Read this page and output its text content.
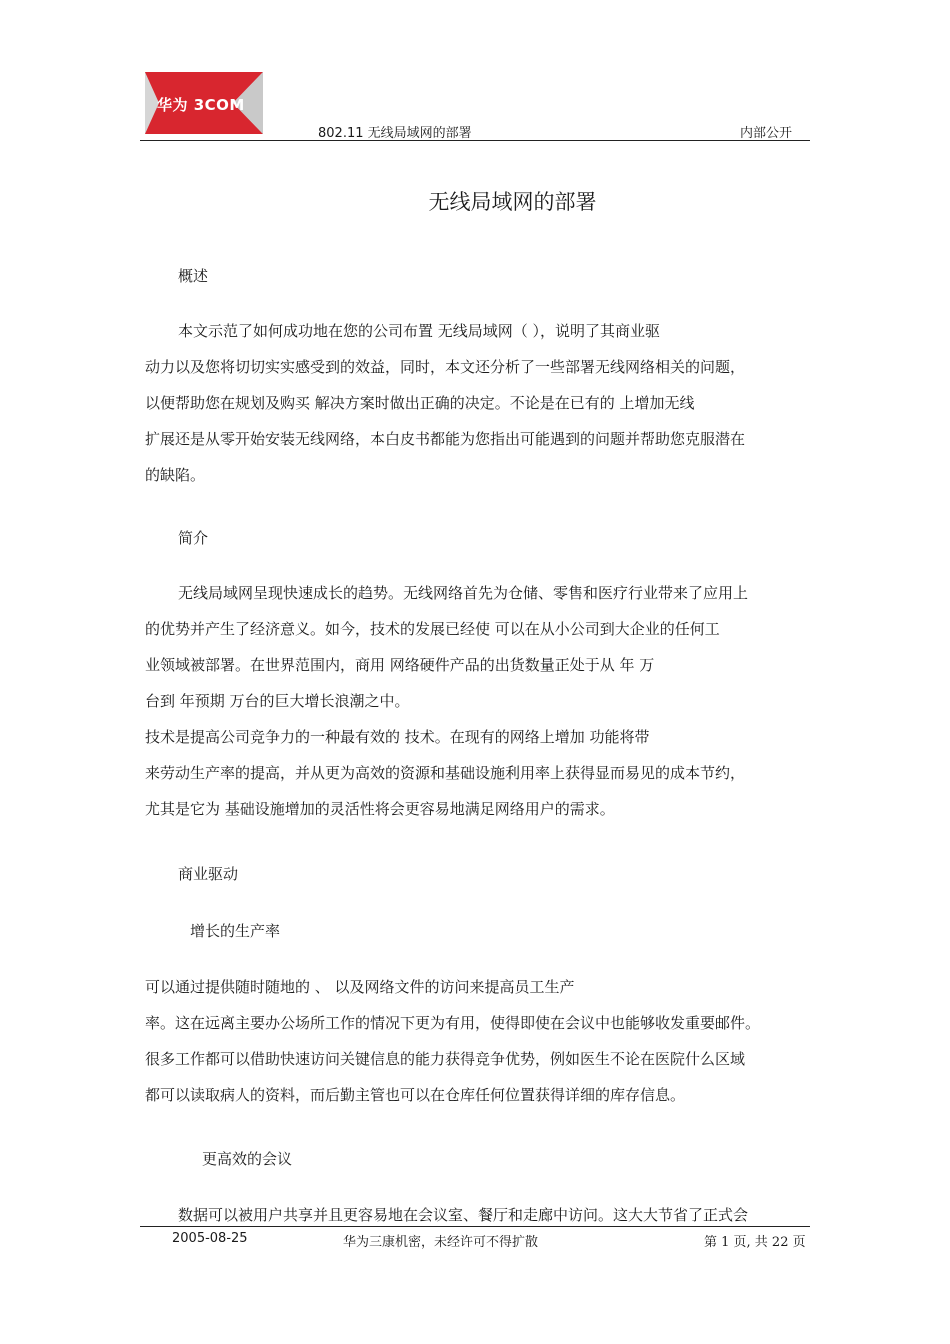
华为 3COM
802.11 无线局域网的部署	内部公开
无线局域网的部署
概述
本文示范了如何成功地在您的公司布置 无线局域网（ ），说明了其商业驱
动力以及您将切切实实感受到的效益，同时，本文还分析了一些部署无线网络相关的问题，
以便帮助您在规划及购买 解决方案时做出正确的决定。不论是在已有的 上增加无线
扩展还是从零开始安装无线网络，本白皮书都能为您指出可能遇到的问题并帮助您克服潜在
的缺陷。
简介
无线局域网呈现快速成长的趋势。无线网络首先为仓储、零售和医疗行业带来了应用上
的优势并产生了经济意义。如今，技术的发展已经使 可以在从小公司到大企业的任何工
业领域被部署。在世界范围内，商用 网络硬件产品的出货数量正处于从 年 万
台到 年预期 万台的巨大增长浪潮之中。
技术是提高公司竞争力的一种最有效的 技术。在现有的网络上增加 功能将带
来劳动生产率的提高，并从更为高效的资源和基础设施利用率上获得显而易见的成本节约，
尤其是它为 基础设施增加的灵活性将会更容易地满足网络用户的需求。
商业驱动
增长的生产率
可以通过提供随时随地的 、 以及网络文件的访问来提高员工生产
率。这在远离主要办公场所工作的情况下更为有用，使得即使在会议中也能够收发重要邮件。
很多工作都可以借助快速访问关键信息的能力获得竞争优势，例如医生不论在医院什么区域
都可以读取病人的资料，而后勤主管也可以在仓库任何位置获得详细的库存信息。
更高效的会议
数据可以被用户共享并且更容易地在会议室、餐厅和走廊中访问。这大大节省了正式会
2005-08-25	华为三康机密，未经许可不得扩散	第 1 页, 共 22 页
